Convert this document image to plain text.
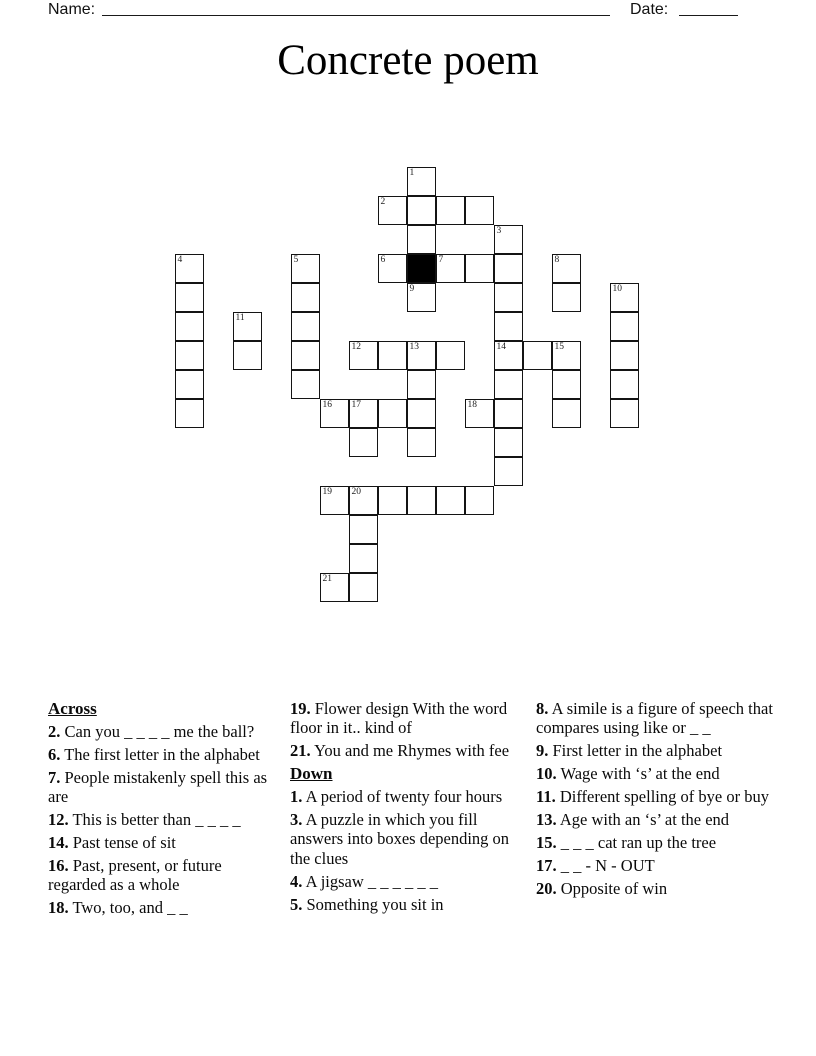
Name:	Date:
Concrete poem
1
2
3
4	5	6	7	8
9	10
11
12	13	14	15
16 17	18
19 20
21
Across
2. Can you _ _ _ _ me the ball?
6. The first letter in the alphabet
7. People mistakenly spell this as are
12. This is better than _ _ _ _
14. Past tense of sit
16. Past, present, or future regarded as a whole
18. Two, too, and _ _
19. Flower design With the word floor in it.. kind of
21. You and me Rhymes with fee
Down
1. A period of twenty four hours
3. A puzzle in which you fill answers into boxes depending on the clues
4. A jigsaw _ _ _ _ _ _
5. Something you sit in
8. A simile is a figure of speech that compares using like or _ _
9. First letter in the alphabet
10. Wage with ‘s’ at the end
11. Different spelling of bye or buy
13. Age with an ‘s’ at the end
15. _ _ _ cat ran up the tree
17. _ _ - N - OUT
20. Opposite of win
